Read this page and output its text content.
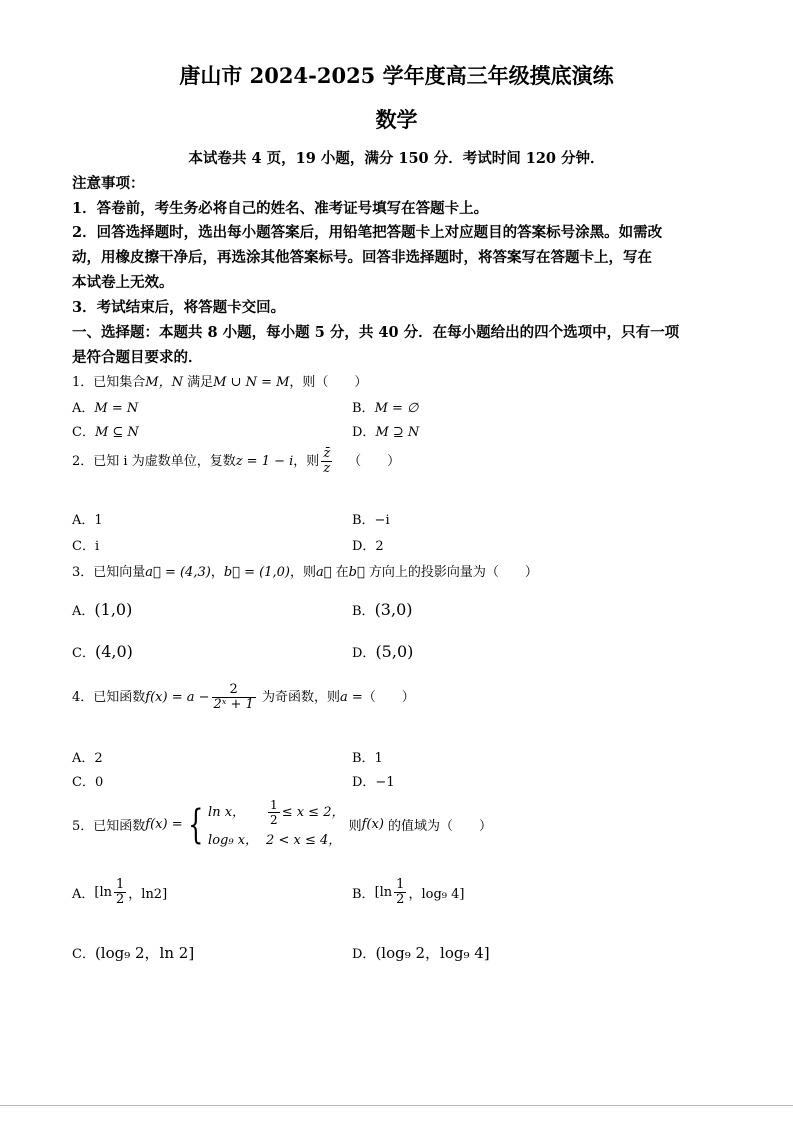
唐山市 2024-2025 学年度高三年级摸底演练
数学
本试卷共 4 页，19 小题，满分 150 分．考试时间 120 分钟．
注意事项：
1．答卷前，考生务必将自己的姓名、准考证号填写在答题卡上。
2．回答选择题时，选出每小题答案后，用铅笔把答题卡上对应题目的答案标号涂黑。如需改
动，用橡皮擦干净后，再选涂其他答案标号。回答非选择题时，将答案写在答题卡上，写在
本试卷上无效。
3．考试结束后，将答题卡交回。
一、选择题：本题共 8 小题，每小题 5 分，共 40 分．在每小题给出的四个选项中，只有一项
是符合题目要求的．
1．已知集合M，N 满足M ∪ N = M，则（　　）
A．M = N	B．M = ∅
C．M ⊆ N	D．M ⊇ N
2．已知 i 为虚数单位，复数z = 1 − i，则 $\frac{z̄}{z}$ （　　）
A．1	B．−i
C．i	D．2
3．已知向量a⃗ = (4,3)，b⃗ = (1,0)，则a⃗ 在b⃗ 方向上的投影向量为（　　）
A．(1,0)	B．(3,0)
C．(4,0)	D．(5,0)
4．已知函数$f(x) = a - \frac{2}{\text{2ˣ + 1}}$ 为奇函数，则a =（　　）
A．2	B．1
C．0	D．−1
5．已知函数f(x) = { ln x， $\frac{1}{2} \le x \le 2$，
log₉ x， 2 < x ≤ 4，
则f(x) 的值域为（　　）
A．[$\ln \frac{1}{2}$ ，ln2]	B．[$\ln \frac{1}{2}$ ，log₉ 4]
C．(log₉ 2，ln 2]	D．(log₉ 2，log₉ 4]
